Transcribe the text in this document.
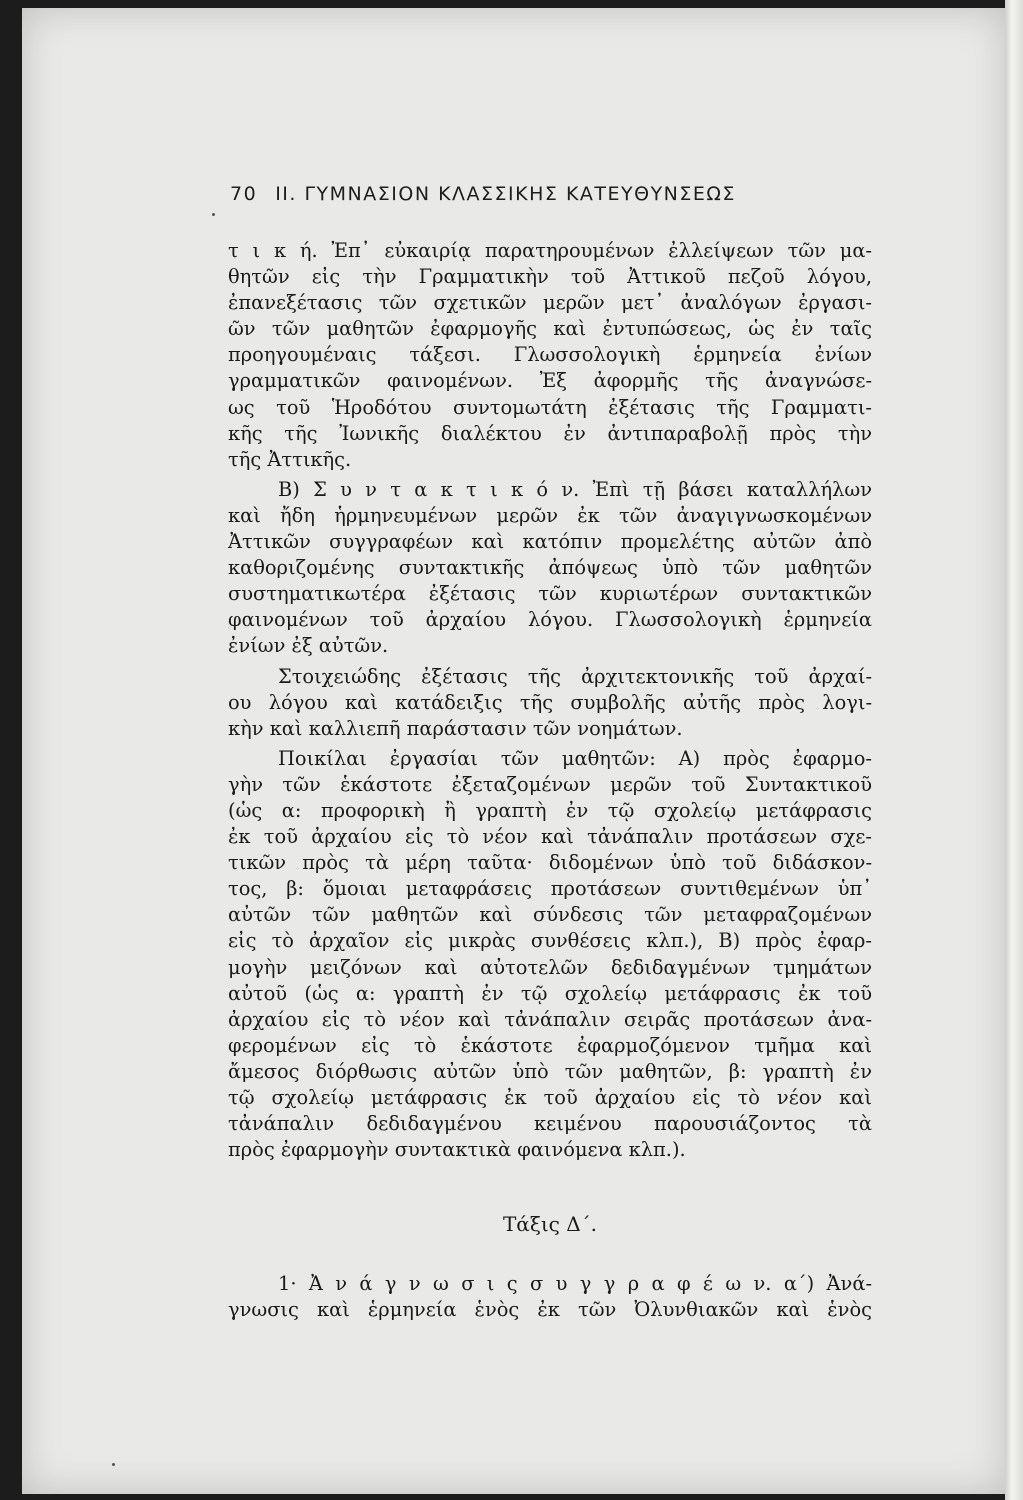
70 II. ΓΥΜΝΑΣΙΟΝ ΚΛΑΣΣΙΚΗΣ ΚΑΤΕΥΘΥΝΣΕΩΣ
τ ι κ ή. Ἐπ᾽ εὐκαιρίᾳ παρατηρουμένων ἐλλείψεων τῶν μα-
θητῶν εἰς τὴν Γραμματικὴν τοῦ Ἀττικοῦ πεζοῦ λόγου,
ἐπανεξέτασις τῶν σχετικῶν μερῶν μετ᾽ ἀναλόγων ἐργασι-
ῶν τῶν μαθητῶν ἐφαρμογῆς καὶ ἐντυπώσεως, ὡς ἐν ταῖς
προηγουμέναις τάξεσι. Γλωσσολογικὴ ἑρμηνεία ἐνίων
γραμματικῶν φαινομένων. Ἐξ ἀφορμῆς τῆς ἀναγνώσε-
ως τοῦ Ἡροδότου συντομωτάτη ἐξέτασις τῆς Γραμματι-
κῆς τῆς Ἰωνικῆς διαλέκτου ἐν ἀντιπαραβολῇ πρὸς τὴν
τῆς Ἀττικῆς.
Β) Σ υ ν τ α κ τ ι κ ό ν. Ἐπὶ τῇ βάσει καταλλήλων
καὶ ἤδη ἡρμηνευμένων μερῶν ἐκ τῶν ἀναγιγνωσκομένων
Ἀττικῶν συγγραφέων καὶ κατόπιν προμελέτης αὐτῶν ἀπὸ
καθοριζομένης συντακτικῆς ἀπόψεως ὑπὸ τῶν μαθητῶν
συστηματικωτέρα ἐξέτασις τῶν κυριωτέρων συντακτικῶν
φαινομένων τοῦ ἀρχαίου λόγου. Γλωσσολογικὴ ἑρμηνεία
ἐνίων ἐξ αὐτῶν.
Στοιχειώδης ἐξέτασις τῆς ἀρχιτεκτονικῆς τοῦ ἀρχαί-
ου λόγου καὶ κατάδειξις τῆς συμβολῆς αὐτῆς πρὸς λογι-
κὴν καὶ καλλιεπῆ παράστασιν τῶν νοημάτων.
Ποικίλαι ἐργασίαι τῶν μαθητῶν: Α) πρὸς ἐφαρμο-
γὴν τῶν ἑκάστοτε ἐξεταζομένων μερῶν τοῦ Συντακτικοῦ
(ὡς α: προφορικὴ ἢ γραπτὴ ἐν τῷ σχολείῳ μετάφρασις
ἐκ τοῦ ἀρχαίου εἰς τὸ νέον καὶ τἀνάπαλιν προτάσεων σχε-
τικῶν πρὸς τὰ μέρη ταῦτα· διδομένων ὑπὸ τοῦ διδάσκον-
τος, β: ὅμοιαι μεταφράσεις προτάσεων συντιθεμένων ὑπ᾽
αὐτῶν τῶν μαθητῶν καὶ σύνδεσις τῶν μεταφραζομένων
εἰς τὸ ἀρχαῖον εἰς μικρὰς συνθέσεις κλπ.), Β) πρὸς ἐφαρ-
μογὴν μειζόνων καὶ αὐτοτελῶν δεδιδαγμένων τμημάτων
αὐτοῦ (ὡς α: γραπτὴ ἐν τῷ σχολείῳ μετάφρασις ἐκ τοῦ
ἀρχαίου εἰς τὸ νέον καὶ τἀνάπαλιν σειρᾶς προτάσεων ἀνα-
φερομένων εἰς τὸ ἑκάστοτε ἐφαρμοζόμενον τμῆμα καὶ
ἄμεσος διόρθωσις αὐτῶν ὑπὸ τῶν μαθητῶν, β: γραπτὴ ἐν
τῷ σχολείῳ μετάφρασις ἐκ τοῦ ἀρχαίου εἰς τὸ νέον καὶ
τἀνάπαλιν δεδιδαγμένου κειμένου παρουσιάζοντος τὰ
πρὸς ἐφαρμογὴν συντακτικὰ φαινόμενα κλπ.).
Τάξις Δ΄.
1· Ἀ ν ά γ ν ω σ ι ς σ υ γ γ ρ α φ έ ω ν. α΄) Ἀνά-
γνωσις καὶ ἑρμηνεία ἑνὸς ἐκ τῶν Ὀλυνθιακῶν καὶ ἑνὸς
